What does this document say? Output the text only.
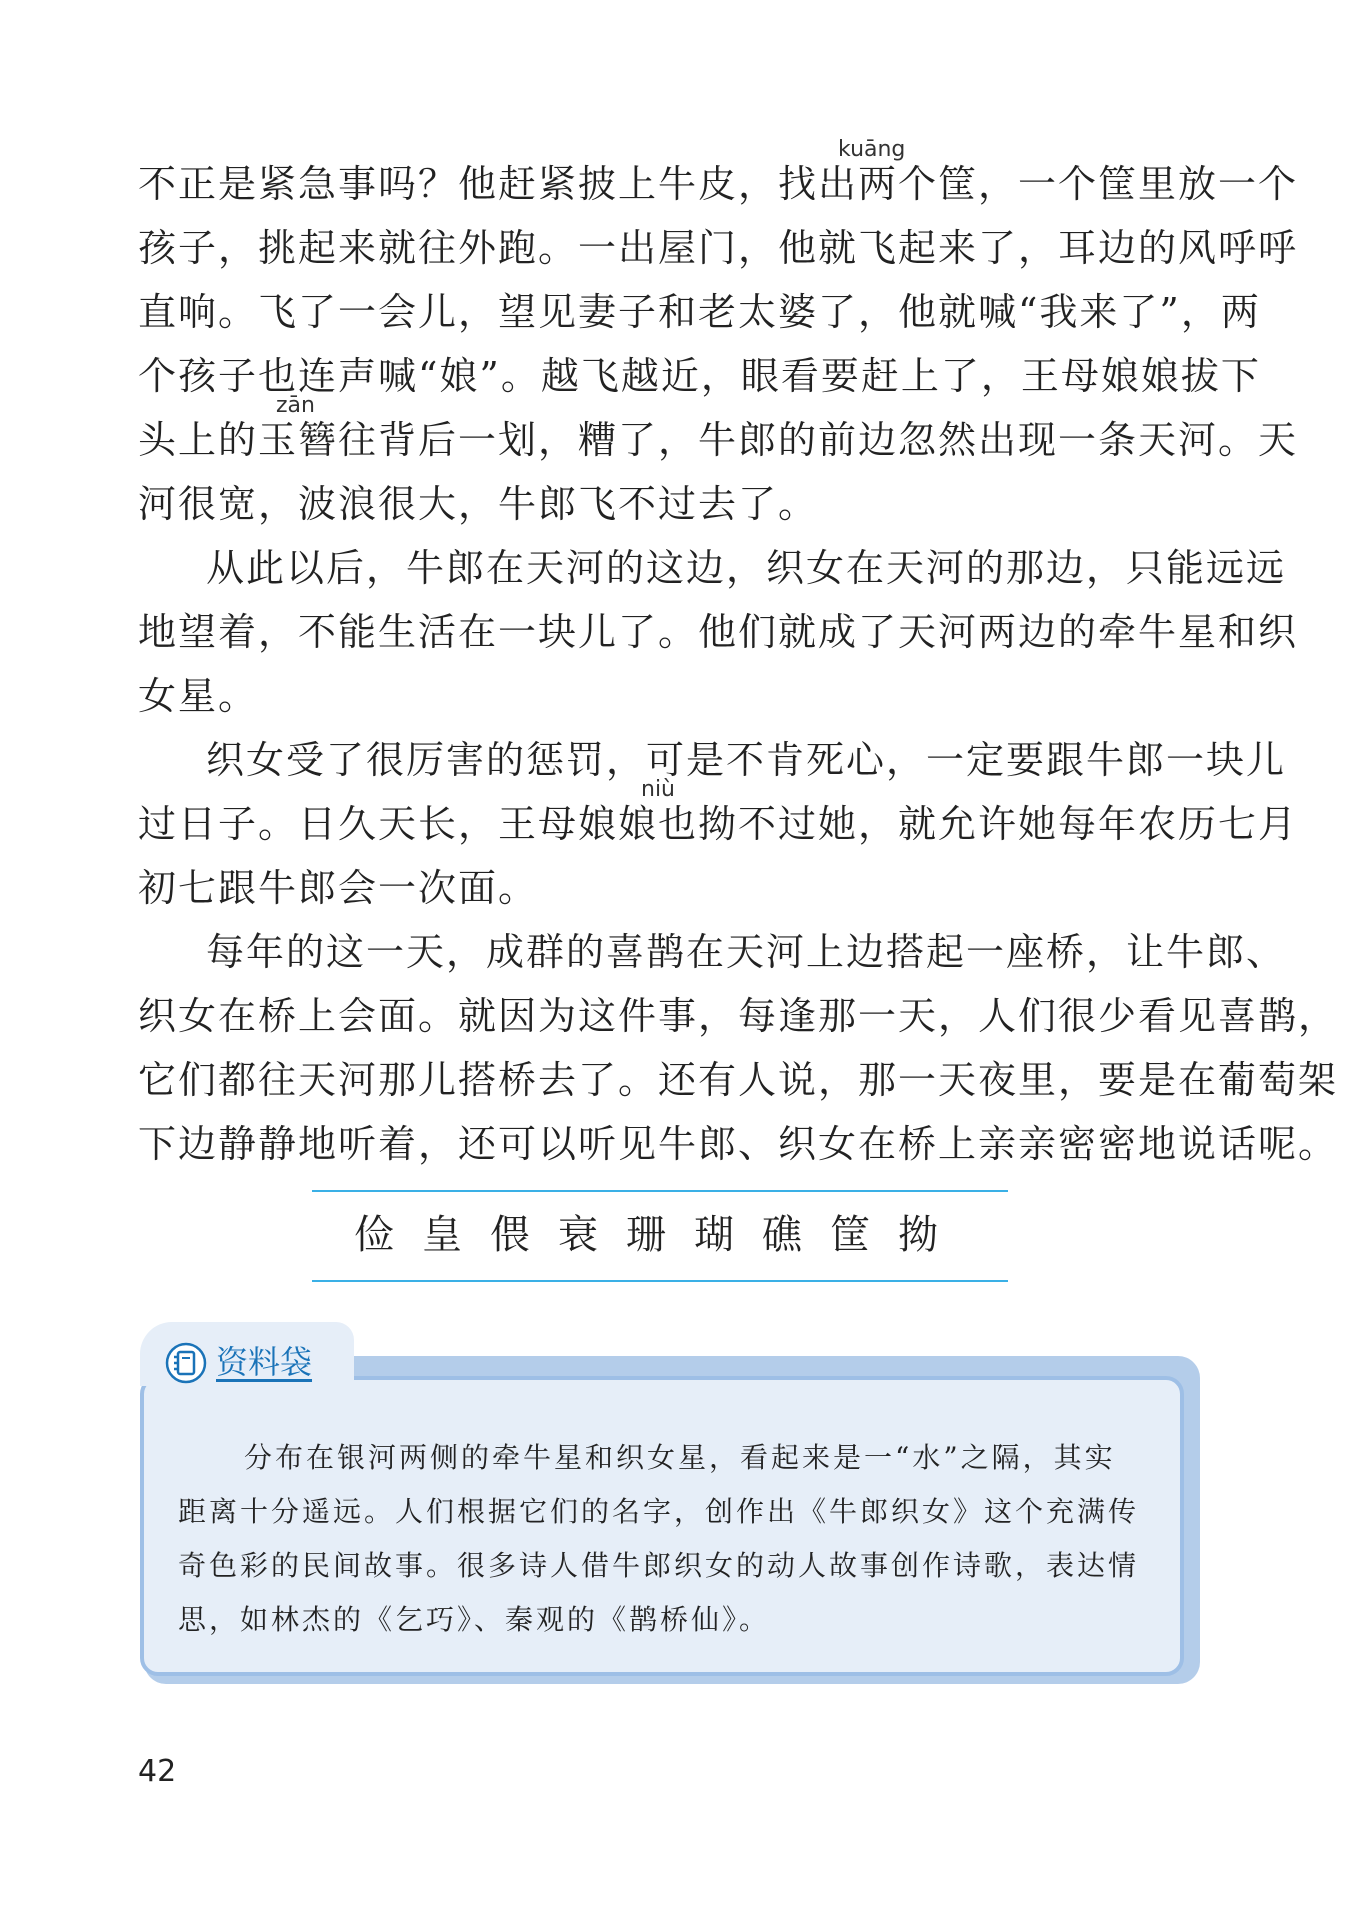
kuāng
不正是紧急事吗？他赶紧披上牛皮，找出两个筐，一个筐里放一个
孩子，挑起来就往外跑。一出屋门，他就飞起来了，耳边的风呼呼
直响。飞了一会儿，望见妻子和老太婆了，他就喊“我来了”，两
个孩子也连声喊“娘”。越飞越近，眼看要赶上了，王母娘娘拔下
zān
头上的玉簪往背后一划，糟了，牛郎的前边忽然出现一条天河。天
河很宽，波浪很大，牛郎飞不过去了。
从此以后，牛郎在天河的这边，织女在天河的那边，只能远远
地望着，不能生活在一块儿了。他们就成了天河两边的牵牛星和织
女星。
织女受了很厉害的惩罚，可是不肯死心，一定要跟牛郎一块儿
niù
过日子。日久天长，王母娘娘也拗不过她，就允许她每年农历七月
初七跟牛郎会一次面。
每年的这一天，成群的喜鹊在天河上边搭起一座桥，让牛郎、
织女在桥上会面。就因为这件事，每逢那一天，人们很少看见喜鹊，
它们都往天河那儿搭桥去了。还有人说，那一天夜里，要是在葡萄架
下边静静地听着，还可以听见牛郎、织女在桥上亲亲密密地说话呢。
俭皇偎衰珊瑚礁筐拗
资料袋
分布在银河两侧的牵牛星和织女星，看起来是一“水”之隔，其实
距离十分遥远。人们根据它们的名字，创作出《牛郎织女》这个充满传
奇色彩的民间故事。很多诗人借牛郎织女的动人故事创作诗歌，表达情
思，如林杰的《乞巧》、秦观的《鹊桥仙》。
42
